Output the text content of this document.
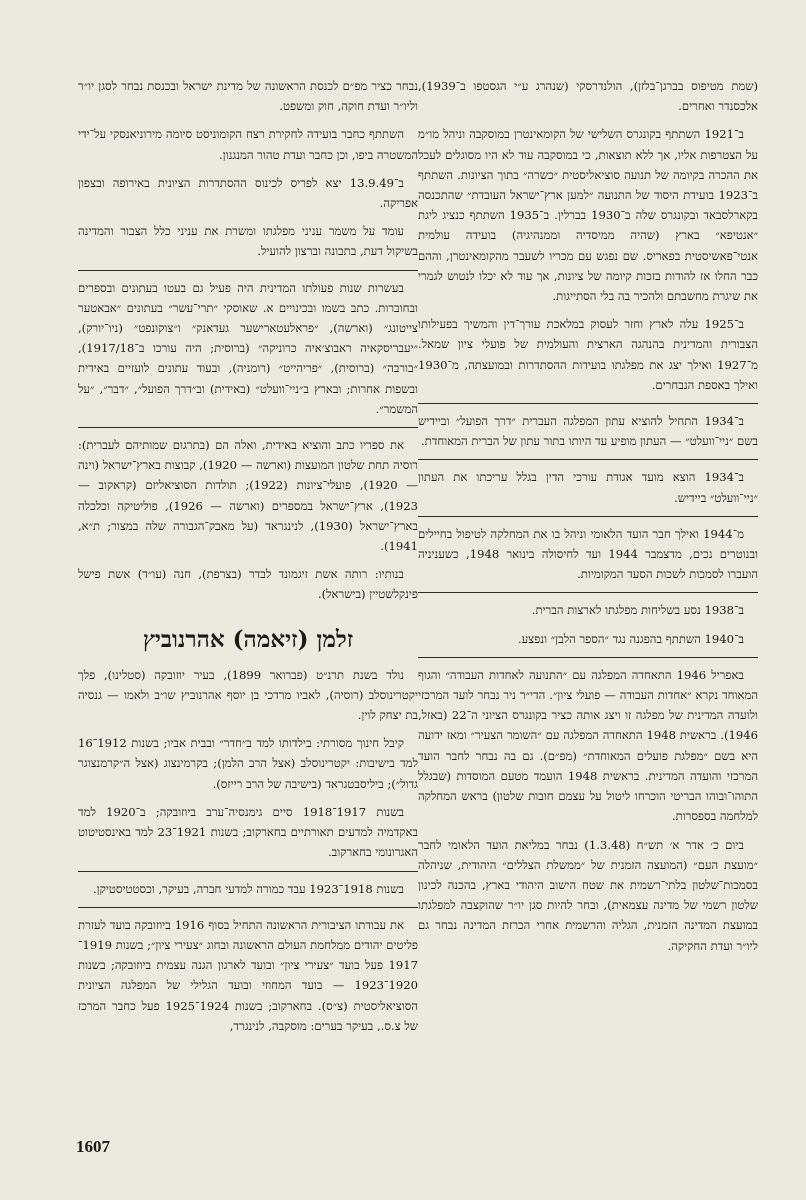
(שמת מטיפוס בברגן־בלזן), הולנדרסקי (שנהרג ע״י הגסטפו ב־1939), אלכסנדר ואחרים.

ב־1921 השתתף בקונגרס השלישי של הקומאינטרן במוסקבה וניהל מו״מ על הצטרפות אליו, אך ללא תוצאות, כי במוסקבה עוד לא היו מסוגלים לעכל את ההכרה בקיומה של תנועה סוציאליסטית ״כשרה״ בתוך הציונות. השתתף ב־1923 בועידת היסוד של התנועה ״למען ארץ־ישראל העובדת״ שהתכנסה בקארלסבאד ובקונגרס שלה ב־1930 בברלין. ב־1935 השתתף כנציג ליגת ״אנטיפא״ בארץ (שהיה ממיסדיה וממנהיגיה) בועידה עולמית אנטי־פאשיסטית בפאריס. שם נפגש עם מכריו לשעבר מהקומאינטרן, וההם כבר החלו אז להודות בזכות קיומה של ציונות, אך עוד לא יכלו לנטוש לגמרי את שיגרת מחשבתם ולהכיר בה בלי הסתייגות.

ב־1925 עלה לארץ וחזר לעסוק במלאכת עורך־דין והמשיך בפעילותו הצבורית והמדינית בהנהגה הארצית והעולמית של פועלי ציון שמאל. מ־1927 ואילך יצג את מפלגתו בועידות ההסתדרות ובמועצתה, מ־1930 ואילך באספת הנבחרים.

ב־1934 התחיל להוציא עתון המפלגה העברית ״דרך הפועל״ וביידיש בשם ״ניי־וועלט״ — העתון מופיע עד היותו בתור עתון של הברית המאוחדת.

ב־1934 הוצא מועד אגודת עורכי הדין בגלל עריכתו את העתון ״ניי־וועלט״ ביידיש.

מ־1944 ואילך חבר הועד הלאומי וניהל בו את המחלקה לטיפול בחיילים ובנוטרים נכים, מדצמבר 1944 ועד לחיסולה בינואר 1948, כשעניניה הועברו לסמכות לשכות הסעד המקומיות.

ב־1938 נסע בשליחות מפלגתו לארצות הברית.

ב־1940 השתתף בהפגנה נגד ״הספר הלבן״ ונפצע.

באפריל 1946 התאחדה המפלגה עם ״התנועה לאחדות העבודה״ והגוף המאוחד נקרא ״אחדות העבודה — פועלי ציון״. הדי״ר ניר נבחר לועד המרכזי ולועדה המדינית של מפלגה זו ויצג אותה כציר בקונגרס הציוני ה־22 (באזל, 1946). בראשית 1948 התאחדה המפלגה עם ״השומר הצעיר״ ומאז ידועה היא בשם ״מפלגת פועלים המאוחדת״ (מפ״ם). גם בה נבחר לחבר הועד המרכזי והועדה המדינית. בראשית 1948 הועמד מטעם המוסדות (שבגלל התוהו־ובוהו הבריטי הוכרחו ליטול על עצמם חובות שלטון) בראש המחלקה למלחמה בספסרות.

ביום כ׳ אדר א׳ תש״ח (1.3.48) נבחר במליאת הועד הלאומי לחבר ״מועצת העם״ (המועצה הזמנית של ״ממשלת הצללים״ היהודית, שניהלה בסמכות־שלטון בלתי־רשמית את שטח הישוב היהודי בארץ, בהכנה לכינון שלטון רשמי של מדינה עצמאית), ובחר להיות סגן יו״ר שהוקצבה למפלגתו במועצת המדינה הזמנית, הגליה והרשמית אחרי הכרזת המדינה נבחר גם ליו״ר ועדת החקיקה.

נבחר כציר מפ״ם לכנסת הראשונה של מדינת ישראל ובכנסת נבחר לסגן יו״ר וליו״ר ועדת חוקה, חוק ומשפט.

השתתף כחבר בועידה לחקירת רצח הקומוניסט סיומה מירוניאנסקי על־ידי המשטרה ביפו, וכן כחבר ועדת טהור המנגנון.

ב־13.9.49 יצא לפריס לכינוס ההסתדרות הציונית באירופה ובצפון אפריקה.

עומד על משמר עניני מפלגתו ומשרת את עניני כלל הצבור והמדינה בשיקול דעת, בתבונה וברצון להועיל.

בעשרות שנות פעולתו המדינית היה פעיל גם בעטו בעתונים ובספרים ובחוברות. כתב בשמו ובכינויים א. שאוסקי ״תרי־עשר״ בעתונים ״אבאטער צייטונג״ (וארשה), ״פראלעטארישער געדאנק״ ו״צוקונפט״ (ניו־יורק), ״יעבריסקאיה ראבוצ׳איה כרוניקה״ (ברוסית; היה עורכו ב־1917/18), ״בורבה״ (ברוסית), ״פריהייט״ (רומניה), ובעוד עתונים לועזיים באידית ובשפות אחרות; ובארץ ב״ניי־וועלט״ (באידית) וב״דרך הפועל״, ״דבר״, ״על המשמר״.

את ספריו כתב והוציא באידית, ואלה הם (בתרגום שמותיהם לעברית): רוסיה תחת שלטון המועצות (וארשה — 1920), קבוצות בארץ־ישראל (וינה — 1920), פועלי־ציונות (1922); תולדות הסוציאליזם (קראקוב — 1923), ארץ־ישראל במספרים (וארשה — 1926), פוליטיקה וכלכלה בארץ־ישראל (1930), לנינגראד (על מאבק־הגבורה שלה במצור; ת״א, 1941).

בנותיו: רותה אשת זיגמונד לבדר (בצרפת), חנה (עו״ד) אשת פישל פינקלשטיין (בישראל).

זלמן (זיאמה) אהרנוביץ

נולד בשנת תרנ״ט (פברואר 1899), בעיר יוזובקה (סטלינו), פלך יקטרינוסלב (רוסיה), לאביו מרדכי בן יוסף אהרנוביץ שו״ב ולאמו — גנסיה בת יצחק לוין.

קיבל חינוך מסורתי: בילדותו למד ב״חדר״ ובבית אביו; בשנות 1912־16 למד בישיבות: יקטרינוסלב (אצל הרב הלמן); בקרמינצוג (אצל ה״קרמנצוגר גדול״); ביליסבטגראד (בישיבה של הרב רייזס).

בשנות 1917־1918 סיים גימנסיה־ערב ביוזובקה; ב־1920 למד באקדמיה למדעים תאורתיים בחארקוב; בשנות 1921־23 למד באינסטיטוט האגרונומי בחארקוב.

בשנות 1918־1923 עבד כמורה למדעי חברה, בעיקר, וכסטטיסטיקן.

את עבודתו הציבורית הראשונה התחיל בסוף 1916 ביוזובקה בועד לעזרת פליטים יהודים ממלחמת העולם הראשונה ובחוג ״צעירי ציון״; בשנות 1919־1917 פעל בועד ״צעירי ציון״ ובועד לארגון הגנה עצמית ביוזובקה; בשנות 1920־1923 — בועד המחוזי ובועד הגלילי של המפלגה הציונית הסוציאליסטית (צ״ס). בחארקוב; בשנות 1924־1925 פעל כחבר המרכז של צ.ס., בעיקר בערים: מוסקבה, לנינגרד,

1607
